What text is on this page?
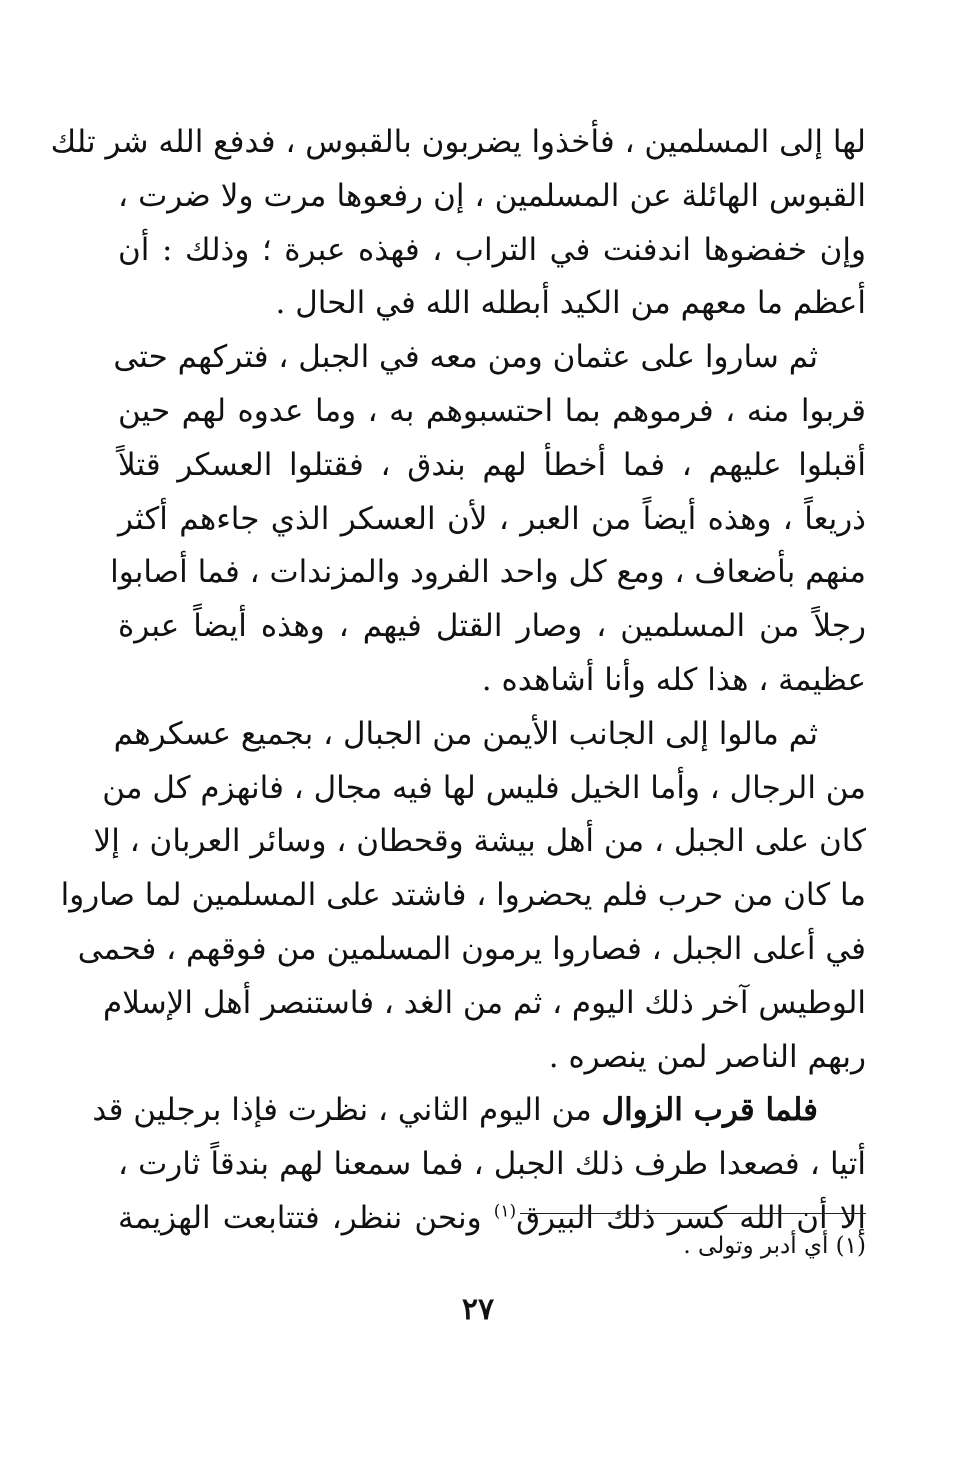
لها إلى المسلمين ، فأخذوا يضربون بالقبوس ، فدفع الله شر تلك
القبوس الهائلة عن المسلمين ، إن رفعوها مرت ولا ضرت ،
وإن خفضوها اندفنت في التراب ، فهذه عبرة ؛ وذلك : أن
أعظم ما معهم من الكيد أبطله الله في الحال .
ثم ساروا على عثمان ومن معه في الجبل ، فتركهم حتى
قربوا منه ، فرموهم بما احتسبوهم به ، وما عدوه لهم حين
أقبلوا عليهم ، فما أخطأ لهم بندق ، فقتلوا العسكر قتلاً
ذريعاً ، وهذه أيضاً من العبر ، لأن العسكر الذي جاءهم أكثر
منهم بأضعاف ، ومع كل واحد الفرود والمزندات ، فما أصابوا
رجلاً من المسلمين ، وصار القتل فيهم ، وهذه أيضاً عبرة
عظيمة ، هذا كله وأنا أشاهده .
ثم مالوا إلى الجانب الأيمن من الجبال ، بجميع عسكرهم
من الرجال ، وأما الخيل فليس لها فيه مجال ، فانهزم كل من
كان على الجبل ، من أهل بيشة وقحطان ، وسائر العربان ، إلا
ما كان من حرب فلم يحضروا ، فاشتد على المسلمين لما صاروا
في أعلى الجبل ، فصاروا يرمون المسلمين من فوقهم ، فحمى
الوطيس آخر ذلك اليوم ، ثم من الغد ، فاستنصر أهل الإسلام
ربهم الناصر لمن ينصره .
فلما قرب الزوال من اليوم الثاني ، نظرت فإذا برجلين قد
أتيا ، فصعدا طرف ذلك الجبل ، فما سمعنا لهم بندقاً ثارت ،
إلا أن الله كسر ذلك البيرق$^{(١)}$ ونحن ننظر، فتتابعت الهزيمة
(١) أي أدبر وتولى .
٢٧
